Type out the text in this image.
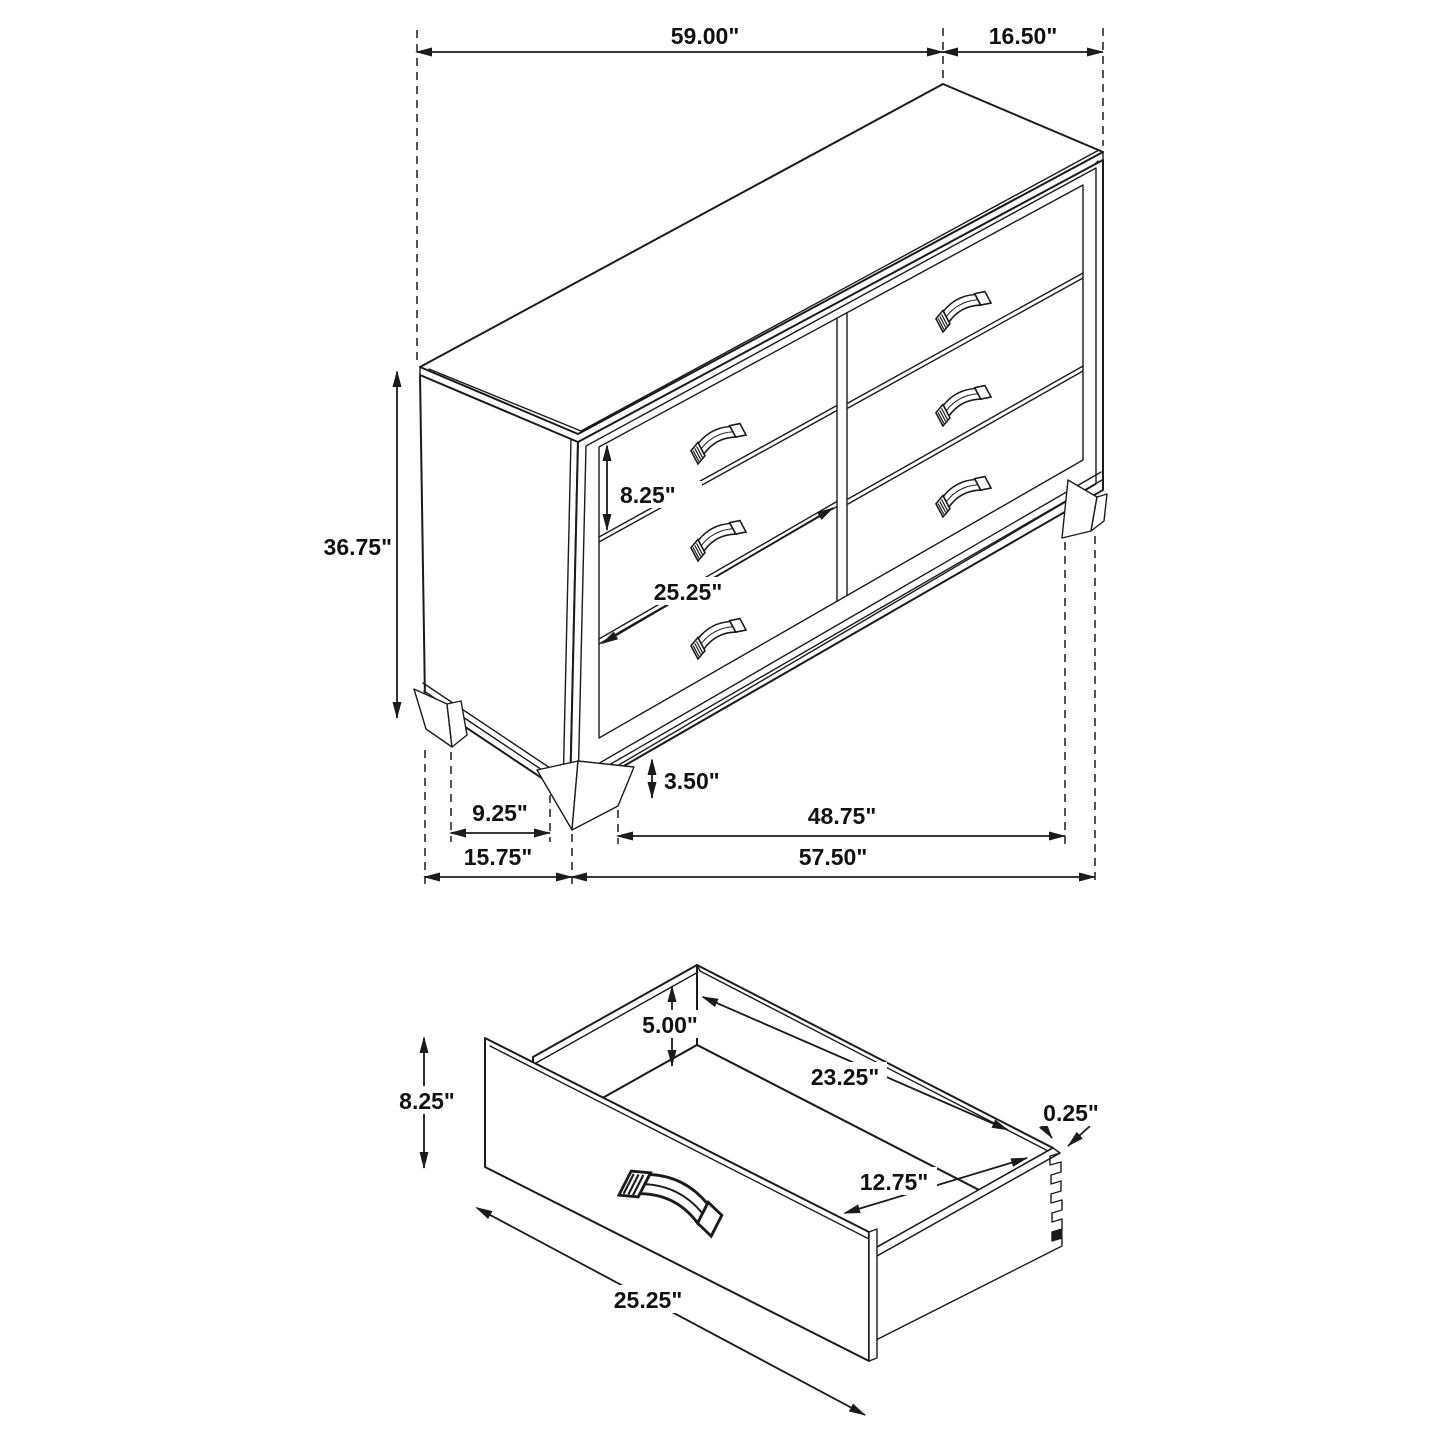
59.00"	16.50"
36.75"
8.25"
25.25"
3.50"
9.25"	48.75"
15.75"	57.50"
5.00"
8.25"
23.25"
12.75"
0.25"
25.25"
